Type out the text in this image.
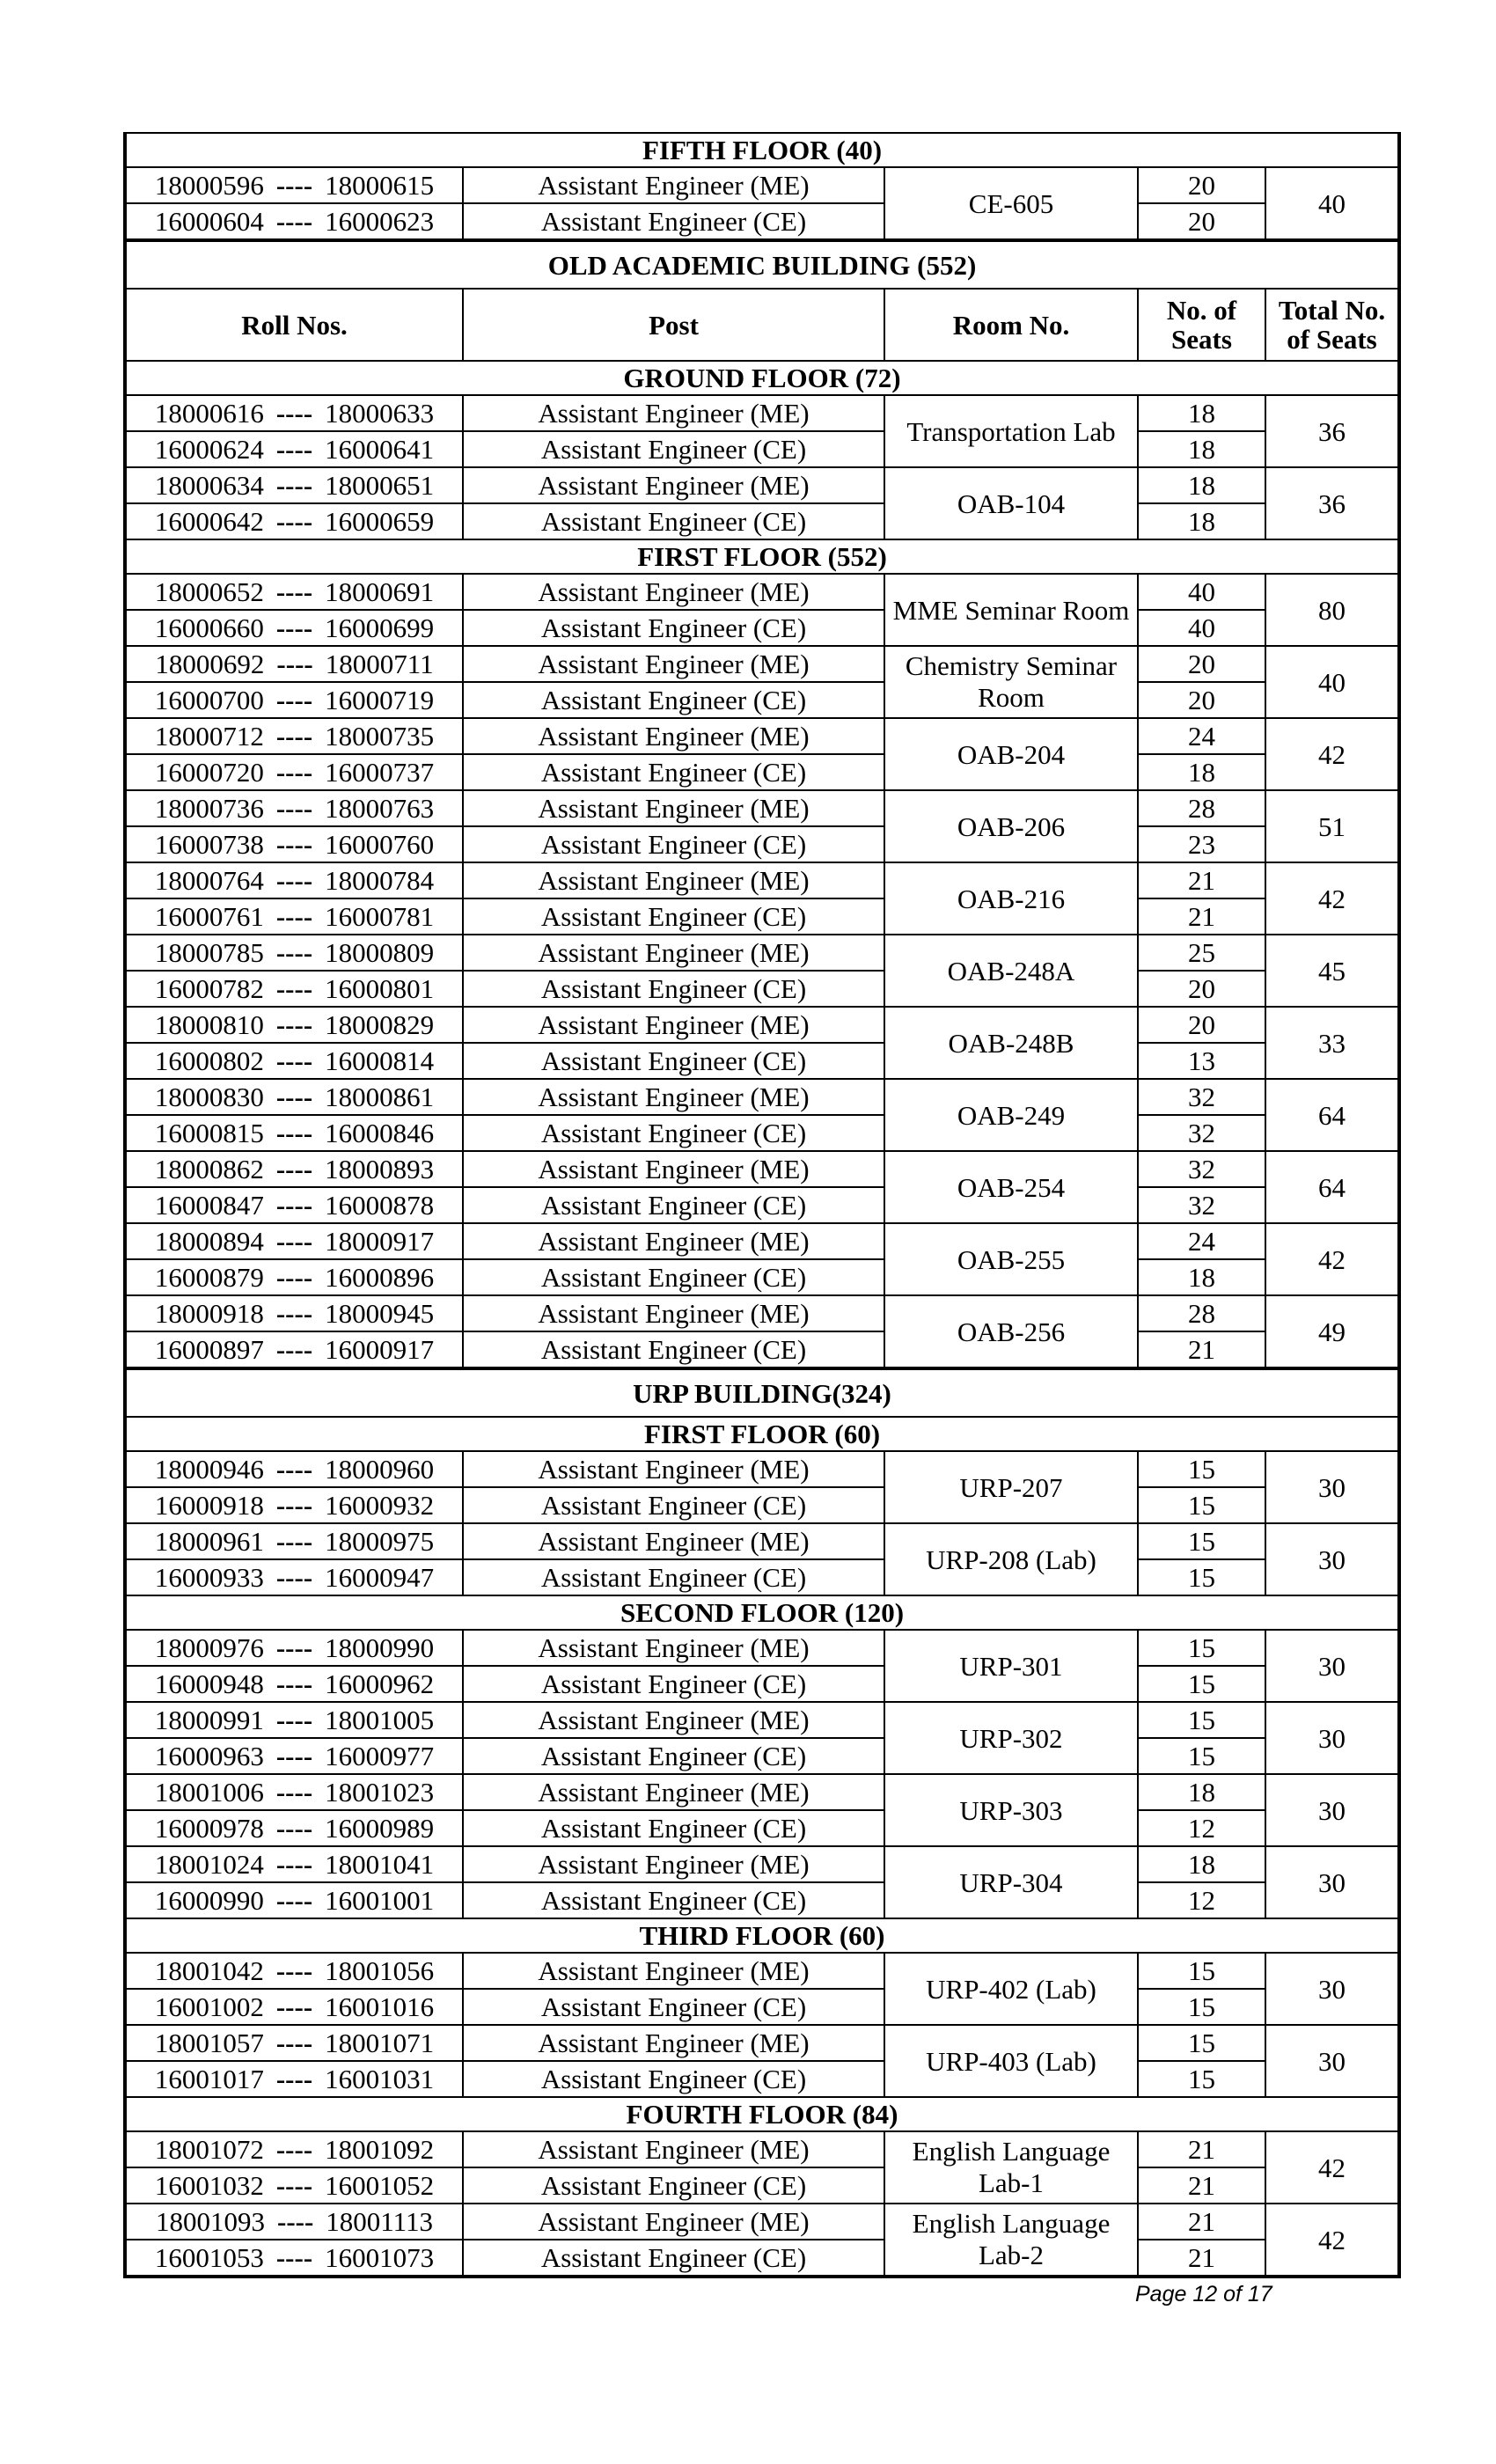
FIFTH FLOOR (40)				
18000596 ---- 18000615	Assistant Engineer (ME)	CE-605	20	40
16000604 ---- 16000623	Assistant Engineer (CE)		20	
OLD ACADEMIC BUILDING (552)				
Roll Nos.	Post	Room No.	No. of Seats	Total No. of Seats
GROUND FLOOR (72)				
18000616 ---- 18000633	Assistant Engineer (ME)	Transportation Lab	18	36
16000624 ---- 16000641	Assistant Engineer (CE)		18	
18000634 ---- 18000651	Assistant Engineer (ME)	OAB-104	18	36
16000642 ---- 16000659	Assistant Engineer (CE)		18	
FIRST FLOOR (552)				
18000652 ---- 18000691	Assistant Engineer (ME)	MME Seminar Room	40	80
16000660 ---- 16000699	Assistant Engineer (CE)		40	
18000692 ---- 18000711	Assistant Engineer (ME)	Chemistry Seminar Room	20	40
16000700 ---- 16000719	Assistant Engineer (CE)		20	
18000712 ---- 18000735	Assistant Engineer (ME)	OAB-204	24	42
16000720 ---- 16000737	Assistant Engineer (CE)		18	
18000736 ---- 18000763	Assistant Engineer (ME)	OAB-206	28	51
16000738 ---- 16000760	Assistant Engineer (CE)		23	
18000764 ---- 18000784	Assistant Engineer (ME)	OAB-216	21	42
16000761 ---- 16000781	Assistant Engineer (CE)		21	
18000785 ---- 18000809	Assistant Engineer (ME)	OAB-248A	25	45
16000782 ---- 16000801	Assistant Engineer (CE)		20	
18000810 ---- 18000829	Assistant Engineer (ME)	OAB-248B	20	33
16000802 ---- 16000814	Assistant Engineer (CE)		13	
18000830 ---- 18000861	Assistant Engineer (ME)	OAB-249	32	64
16000815 ---- 16000846	Assistant Engineer (CE)		32	
18000862 ---- 18000893	Assistant Engineer (ME)	OAB-254	32	64
16000847 ---- 16000878	Assistant Engineer (CE)		32	
18000894 ---- 18000917	Assistant Engineer (ME)	OAB-255	24	42
16000879 ---- 16000896	Assistant Engineer (CE)		18	
18000918 ---- 18000945	Assistant Engineer (ME)	OAB-256	28	49
16000897 ---- 16000917	Assistant Engineer (CE)		21	
URP BUILDING(324)				
FIRST FLOOR (60)				
18000946 ---- 18000960	Assistant Engineer (ME)	URP-207	15	30
16000918 ---- 16000932	Assistant Engineer (CE)		15	
18000961 ---- 18000975	Assistant Engineer (ME)	URP-208 (Lab)	15	30
16000933 ---- 16000947	Assistant Engineer (CE)		15	
SECOND FLOOR (120)				
18000976 ---- 18000990	Assistant Engineer (ME)	URP-301	15	30
16000948 ---- 16000962	Assistant Engineer (CE)		15	
18000991 ---- 18001005	Assistant Engineer (ME)	URP-302	15	30
16000963 ---- 16000977	Assistant Engineer (CE)		15	
18001006 ---- 18001023	Assistant Engineer (ME)	URP-303	18	30
16000978 ---- 16000989	Assistant Engineer (CE)		12	
18001024 ---- 18001041	Assistant Engineer (ME)	URP-304	18	30
16000990 ---- 16001001	Assistant Engineer (CE)		12	
THIRD FLOOR (60)				
18001042 ---- 18001056	Assistant Engineer (ME)	URP-402 (Lab)	15	30
16001002 ---- 16001016	Assistant Engineer (CE)		15	
18001057 ---- 18001071	Assistant Engineer (ME)	URP-403 (Lab)	15	30
16001017 ---- 16001031	Assistant Engineer (CE)		15	
FOURTH FLOOR (84)				
18001072 ---- 18001092	Assistant Engineer (ME)	English Language Lab-1	21	42
16001032 ---- 16001052	Assistant Engineer (CE)		21	
18001093 ---- 18001113	Assistant Engineer (ME)	English Language Lab-2	21	42
16001053 ---- 16001073	Assistant Engineer (CE)		21	
Page 12 of 17
